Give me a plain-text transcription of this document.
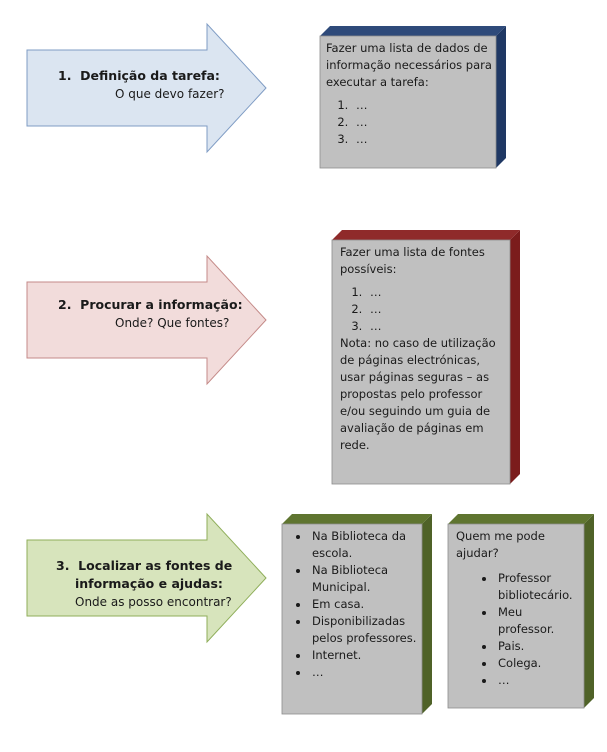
1. Definição da tarefa:
O que devo fazer?
2. Procurar a informação:
Onde? Que fontes?
3. Localizar as fontes de
informação e ajudas:
Onde as posso encontrar?

Fazer uma lista de dados de informação necessários para executar a tarefa:

1. …
2. …
3. …

Fazer uma lista de fontes possíveis:

1. …
2. …
3. …

Nota: no caso de utilização de páginas electrónicas, usar páginas seguras – as propostas pelo professor e/ou seguindo um guia de avaliação de páginas em rede.

• Na Biblioteca da escola.
• Na Biblioteca Municipal.
• Em casa.
• Disponibilizadas pelos professores.
• Internet.
• …

Quem me pode ajudar?

• Professor bibliotecário.
• Meu professor.
• Pais.
• Colega.
• …
